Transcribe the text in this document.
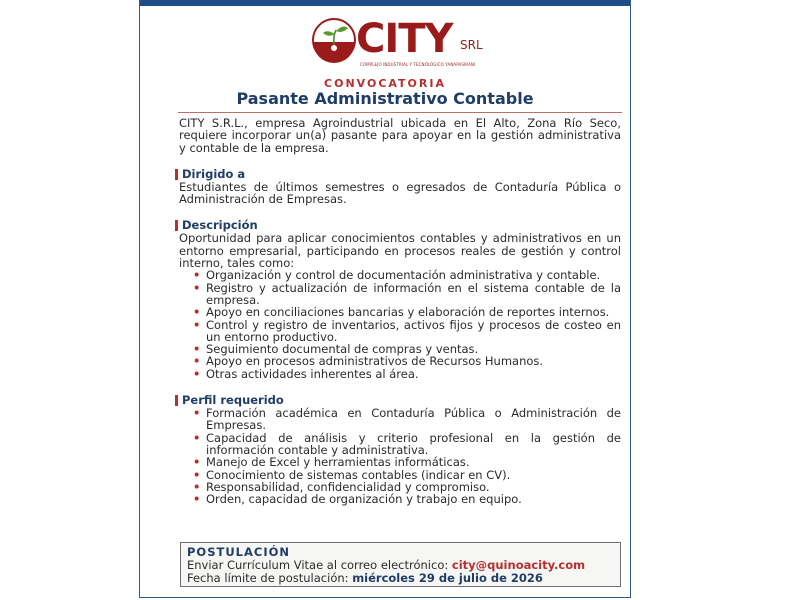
CITY SRL
COMPLEJO INDUSTRIAL Y TECNOLÓGICO YANAPASIRANI
CONVOCATORIA
Pasante Administrativo Contable

CITY S.R.L., empresa Agroindustrial ubicada en El Alto, Zona Río Seco, requiere incorporar un(a) pasante para apoyar en la gestión administrativa y contable de la empresa.

Dirigido a

Estudiantes de últimos semestres o egresados de Contaduría Pública o Administración de Empresas.

Descripción

Oportunidad para aplicar conocimientos contables y administrativos en un entorno empresarial, participando en procesos reales de gestión y control interno, tales como:

• Organización y control de documentación administrativa y contable.
• Registro y actualización de información en el sistema contable de la empresa.
• Apoyo en conciliaciones bancarias y elaboración de reportes internos.
• Control y registro de inventarios, activos fijos y procesos de costeo en un entorno productivo.
• Seguimiento documental de compras y ventas.
• Apoyo en procesos administrativos de Recursos Humanos.
• Otras actividades inherentes al área.
Perfil requerido
• Formación académica en Contaduría Pública o Administración de Empresas.
• Capacidad de análisis y criterio profesional en la gestión de información contable y administrativa.
• Manejo de Excel y herramientas informáticas.
• Conocimiento de sistemas contables (indicar en CV).
• Responsabilidad, confidencialidad y compromiso.
• Orden, capacidad de organización y trabajo en equipo.
POSTULACIÓN
Enviar Currículum Vitae al correo electrónico: city@quinoacity.com
Fecha límite de postulación: miércoles 29 de julio de 2026
